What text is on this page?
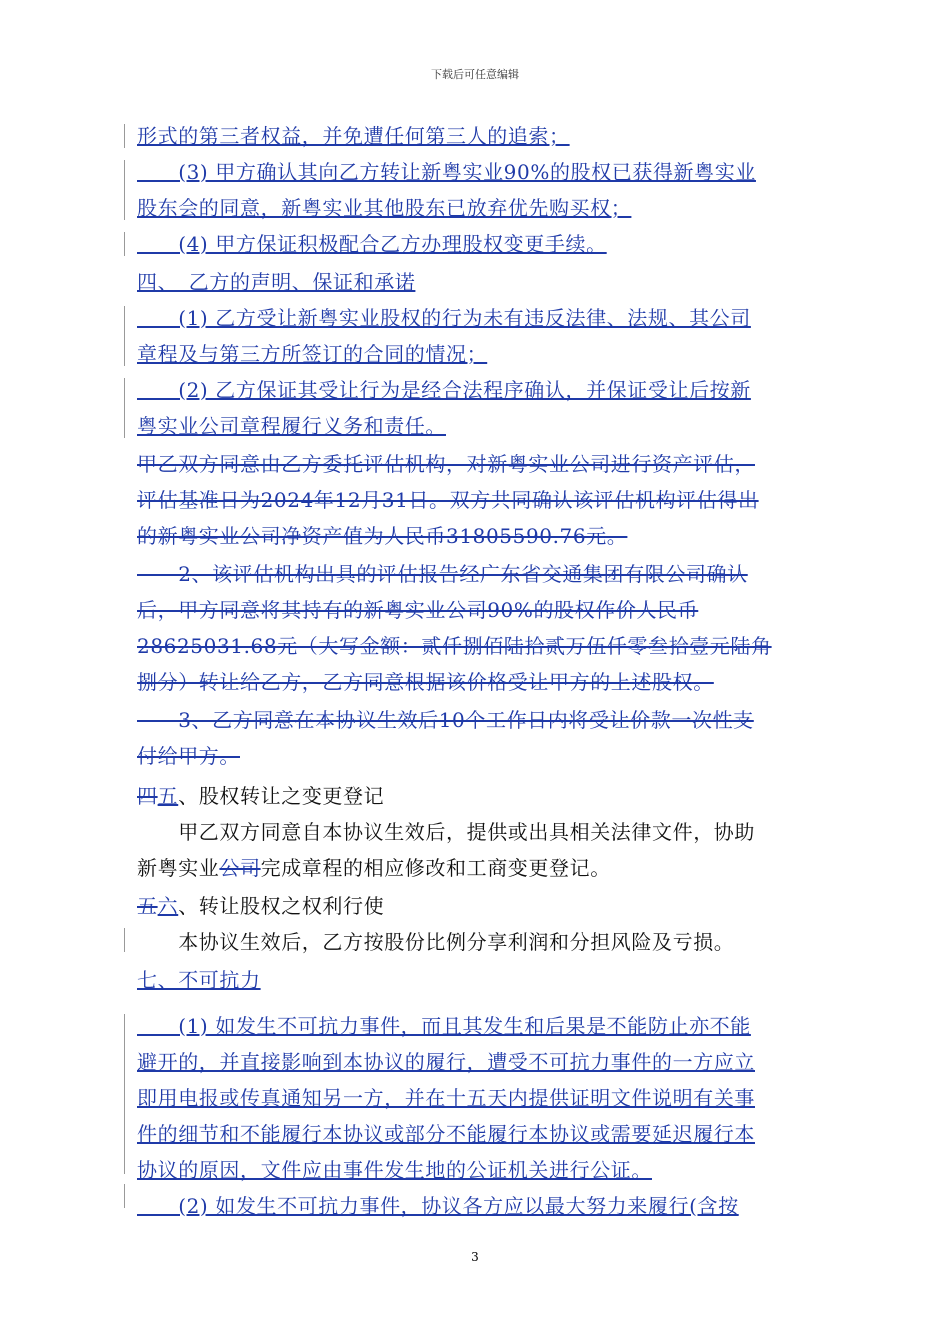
下载后可任意编辑
形式的第三者权益，并免遭任何第三人的追索；
　　(3) 甲方确认其向乙方转让新粤实业90%的股权已获得新粤实业
股东会的同意，新粤实业其他股东已放弃优先购买权；
　　(4) 甲方保证积极配合乙方办理股权变更手续。
四、　乙方的声明、保证和承诺
　　(1) 乙方受让新粤实业股权的行为未有违反法律、法规、其公司
章程及与第三方所签订的合同的情况；
　　(2) 乙方保证其受让行为是经合法程序确认，并保证受让后按新
粤实业公司章程履行义务和责任。
甲乙双方同意由乙方委托评估机构，对新粤实业公司进行资产评估，
评估基准日为2024年12月31日。双方共同确认该评估机构评估得出
的新粤实业公司净资产值为人民币31805590.76元。
　　2、该评估机构出具的评估报告经广东省交通集团有限公司确认
后，甲方同意将其持有的新粤实业公司90%的股权作价人民币
28625031.68元（大写金额：贰仟捌佰陆拾贰万伍仟零叁拾壹元陆角
捌分）转让给乙方，乙方同意根据该价格受让甲方的上述股权。
　　3、乙方同意在本协议生效后10个工作日内将受让价款一次性支
付给甲方。
四五、股权转让之变更登记
　　甲乙双方同意自本协议生效后，提供或出具相关法律文件，协助
新粤实业公司完成章程的相应修改和工商变更登记。
五六、转让股权之权利行使
　　本协议生效后，乙方按股份比例分享利润和分担风险及亏损。
七、不可抗力
　　(1) 如发生不可抗力事件，而且其发生和后果是不能防止亦不能
避开的，并直接影响到本协议的履行，遭受不可抗力事件的一方应立
即用电报或传真通知另一方，并在十五天内提供证明文件说明有关事
件的细节和不能履行本协议或部分不能履行本协议或需要延迟履行本
协议的原因，文件应由事件发生地的公证机关进行公证。
　　(2) 如发生不可抗力事件，协议各方应以最大努力来履行(含按
3
